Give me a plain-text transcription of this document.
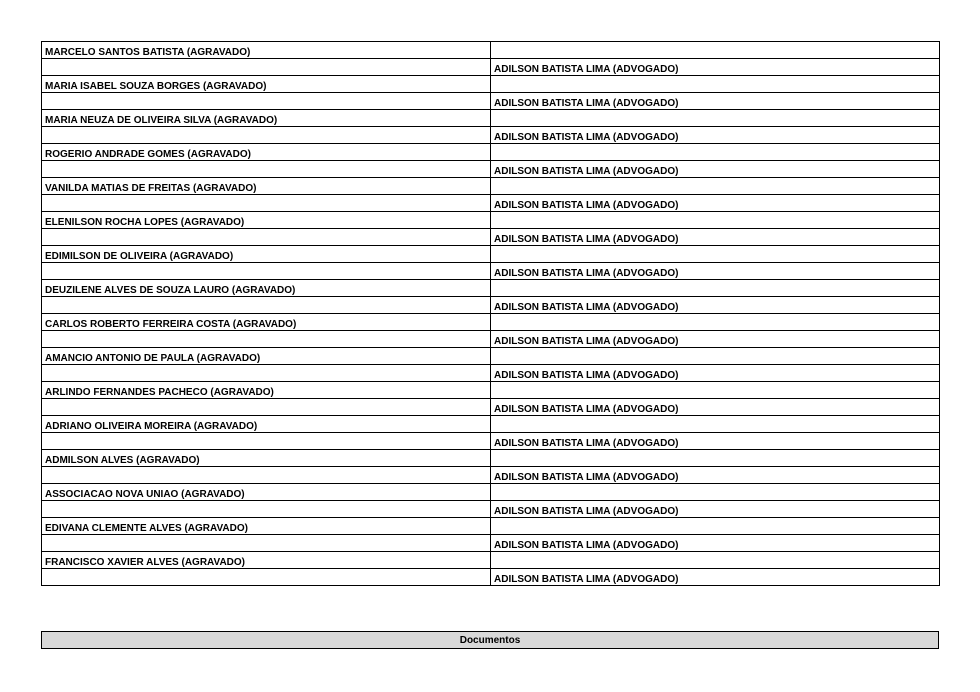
MARCELO SANTOS BATISTA (AGRAVADO)	
	ADILSON BATISTA LIMA (ADVOGADO)
MARIA ISABEL SOUZA BORGES (AGRAVADO)	
	ADILSON BATISTA LIMA (ADVOGADO)
MARIA NEUZA DE OLIVEIRA SILVA (AGRAVADO)	
	ADILSON BATISTA LIMA (ADVOGADO)
ROGERIO ANDRADE GOMES (AGRAVADO)	
	ADILSON BATISTA LIMA (ADVOGADO)
VANILDA MATIAS DE FREITAS (AGRAVADO)	
	ADILSON BATISTA LIMA (ADVOGADO)
ELENILSON ROCHA LOPES (AGRAVADO)	
	ADILSON BATISTA LIMA (ADVOGADO)
EDIMILSON DE OLIVEIRA (AGRAVADO)	
	ADILSON BATISTA LIMA (ADVOGADO)
DEUZILENE ALVES DE SOUZA LAURO (AGRAVADO)	
	ADILSON BATISTA LIMA (ADVOGADO)
CARLOS ROBERTO FERREIRA COSTA (AGRAVADO)	
	ADILSON BATISTA LIMA (ADVOGADO)
AMANCIO ANTONIO DE PAULA (AGRAVADO)	
	ADILSON BATISTA LIMA (ADVOGADO)
ARLINDO FERNANDES PACHECO (AGRAVADO)	
	ADILSON BATISTA LIMA (ADVOGADO)
ADRIANO OLIVEIRA MOREIRA (AGRAVADO)	
	ADILSON BATISTA LIMA (ADVOGADO)
ADMILSON ALVES (AGRAVADO)	
	ADILSON BATISTA LIMA (ADVOGADO)
ASSOCIACAO NOVA UNIAO (AGRAVADO)	
	ADILSON BATISTA LIMA (ADVOGADO)
EDIVANA CLEMENTE ALVES (AGRAVADO)	
	ADILSON BATISTA LIMA (ADVOGADO)
FRANCISCO XAVIER ALVES (AGRAVADO)	
	ADILSON BATISTA LIMA (ADVOGADO)
Documentos
